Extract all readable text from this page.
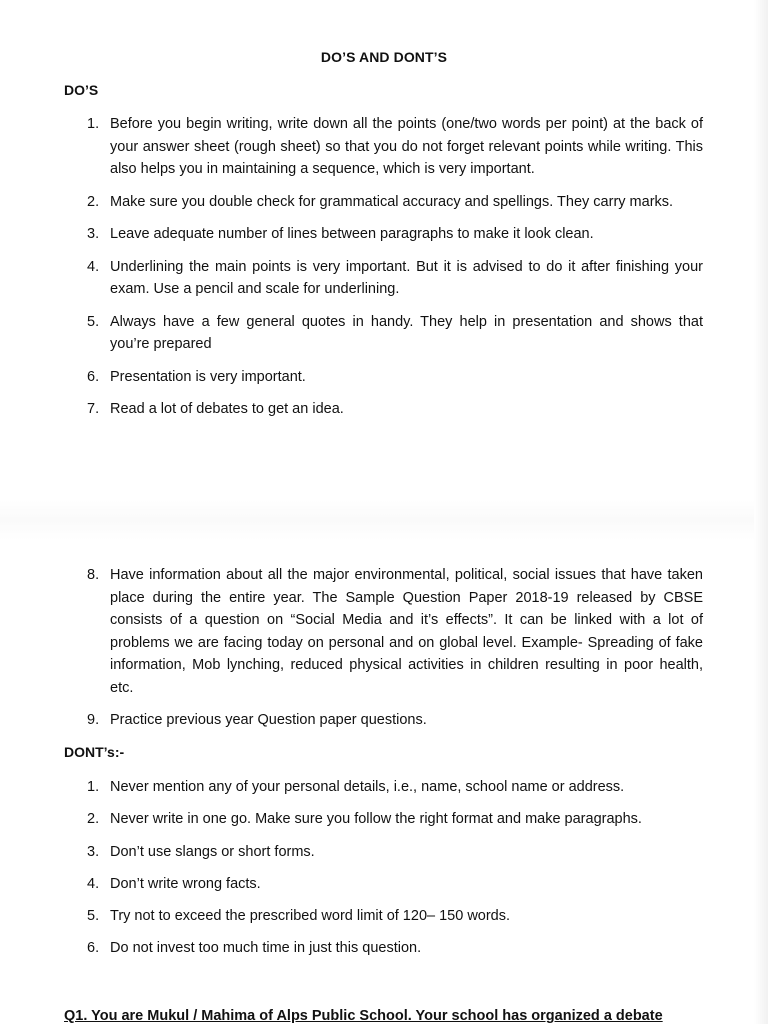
DO’S AND DONT’S
DO’S
1. Before you begin writing, write down all the points (one/two words per point) at the back of your answer sheet (rough sheet) so that you do not forget relevant points while writing. This also helps you in maintaining a sequence, which is very important.
2. Make sure you double check for grammatical accuracy and spellings. They carry marks.
3. Leave adequate number of lines between paragraphs to make it look clean.
4. Underlining the main points is very important. But it is advised to do it after finishing your exam. Use a pencil and scale for underlining.
5. Always have a few general quotes in handy. They help in presentation and shows that you’re prepared
6. Presentation is very important.
7. Read a lot of debates to get an idea.
8. Have information about all the major environmental, political, social issues that have taken place during the entire year. The Sample Question Paper 2018-19 released by CBSE consists of a question on “Social Media and it’s effects”. It can be linked with a lot of problems we are facing today on personal and on global level. Example- Spreading of fake information, Mob lynching, reduced physical activities in children resulting in poor health, etc.
9. Practice previous year Question paper questions.
DONT’s:-
1. Never mention any of your personal details, i.e., name, school name or address.
2. Never write in one go. Make sure you follow the right format and make paragraphs.
3. Don’t use slangs or short forms.
4. Don’t write wrong facts.
5. Try not to exceed the prescribed word limit of 120– 150 words.
6. Do not invest too much time in just this question.
Q1. You are Mukul / Mahima of Alps Public School. Your school has organized a debate
